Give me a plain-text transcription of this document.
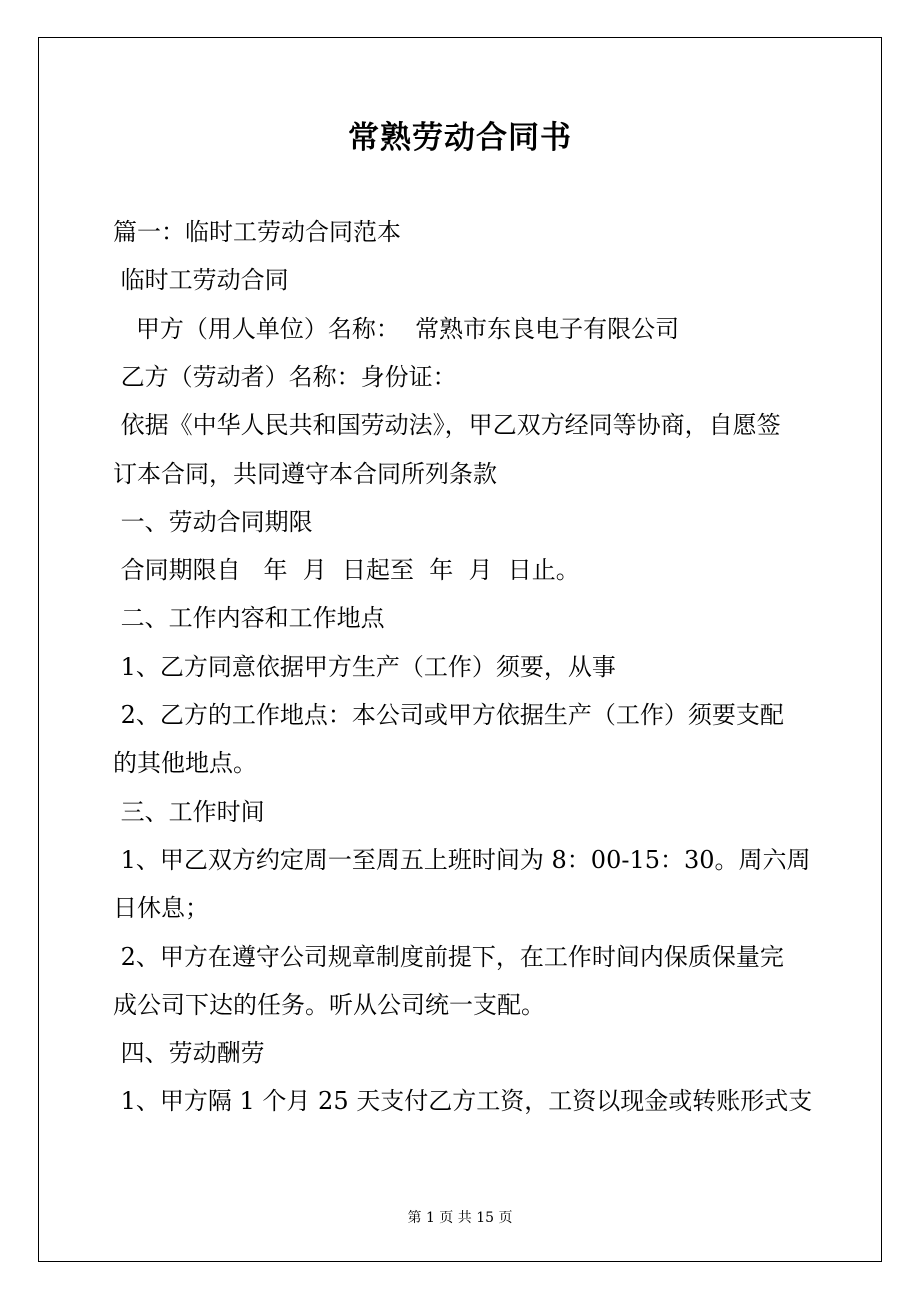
常熟劳动合同书
篇一：临时工劳动合同范本
临时工劳动合同
甲方（用人单位）名称：  常熟市东良电子有限公司
乙方（劳动者）名称：身份证：
依据《中华人民共和国劳动法》，甲乙双方经同等协商，自愿签
订本合同，共同遵守本合同所列条款
一、劳动合同期限
合同期限自   年  月  日起至  年  月  日止。
二、工作内容和工作地点
1、乙方同意依据甲方生产（工作）须要，从事
2、乙方的工作地点：本公司或甲方依据生产（工作）须要支配
的其他地点。
三、工作时间
1、甲乙双方约定周一至周五上班时间为 8：00-15：30。周六周
日休息；
2、甲方在遵守公司规章制度前提下，在工作时间内保质保量完
成公司下达的任务。听从公司统一支配。
四、劳动酬劳
1、甲方隔 1 个月 25 天支付乙方工资，工资以现金或转账形式支
第 1 页 共 15 页
